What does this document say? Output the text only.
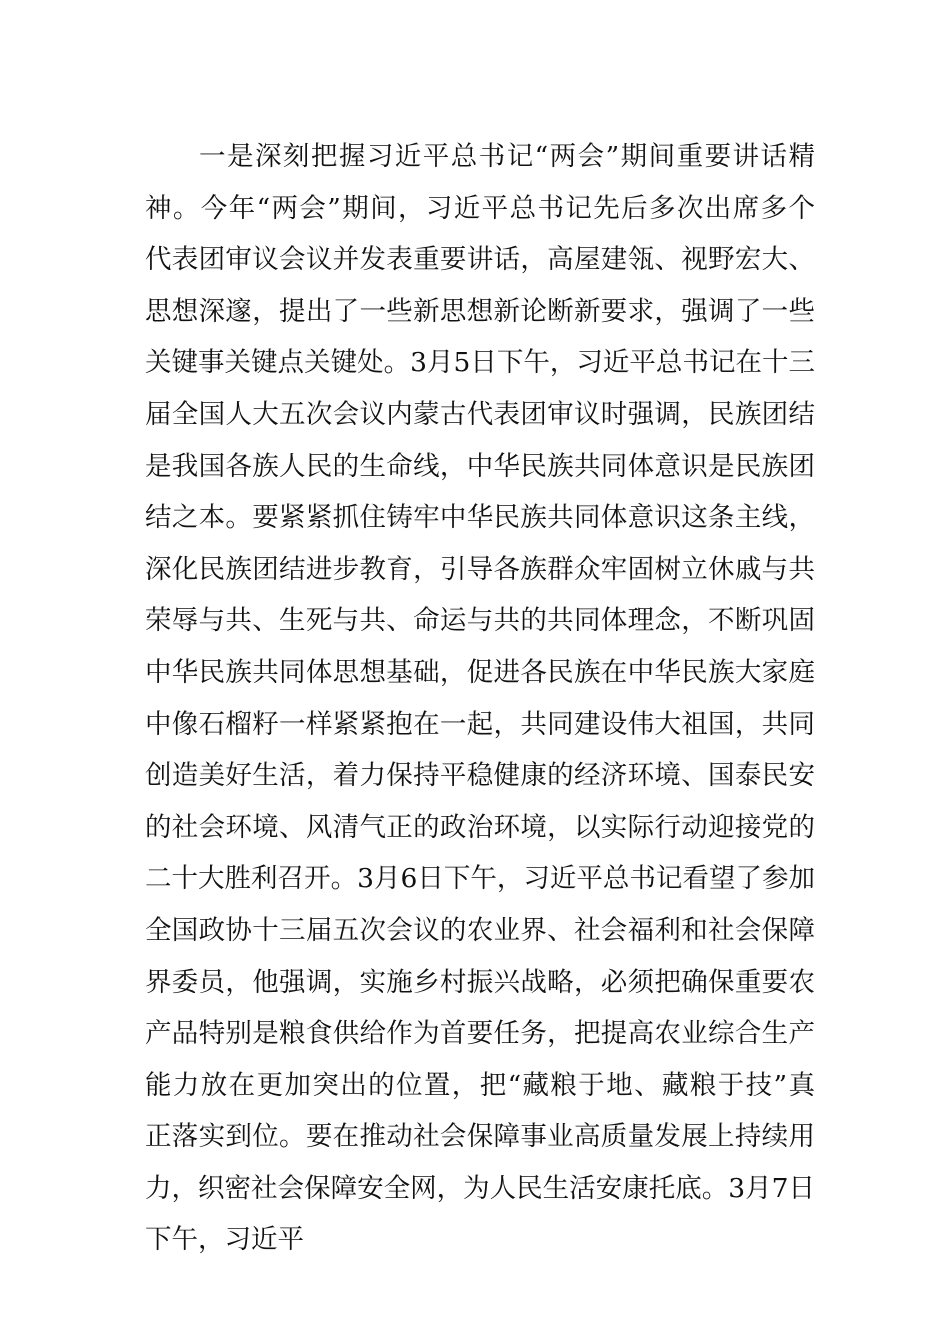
一是深刻把握习近平总书记“两会”期间重要讲话精
神。今年“两会”期间，习近平总书记先后多次出席多个
代表团审议会议并发表重要讲话，高屋建瓴、视野宏大、
思想深邃，提出了一些新思想新论断新要求，强调了一些
关键事关键点关键处。3月5日下午，习近平总书记在十三
届全国人大五次会议内蒙古代表团审议时强调，民族团结
是我国各族人民的生命线，中华民族共同体意识是民族团
结之本。要紧紧抓住铸牢中华民族共同体意识这条主线，
深化民族团结进步教育，引导各族群众牢固树立休戚与共
荣辱与共、生死与共、命运与共的共同体理念，不断巩固
中华民族共同体思想基础，促进各民族在中华民族大家庭
中像石榴籽一样紧紧抱在一起，共同建设伟大祖国，共同
创造美好生活，着力保持平稳健康的经济环境、国泰民安
的社会环境、风清气正的政治环境，以实际行动迎接党的
二十大胜利召开。3月6日下午，习近平总书记看望了参加
全国政协十三届五次会议的农业界、社会福利和社会保障
界委员，他强调，实施乡村振兴战略，必须把确保重要农
产品特别是粮食供给作为首要任务，把提高农业综合生产
能力放在更加突出的位置，把“藏粮于地、藏粮于技”真
正落实到位。要在推动社会保障事业高质量发展上持续用
力，织密社会保障安全网，为人民生活安康托底。3月7日
下午，习近平
